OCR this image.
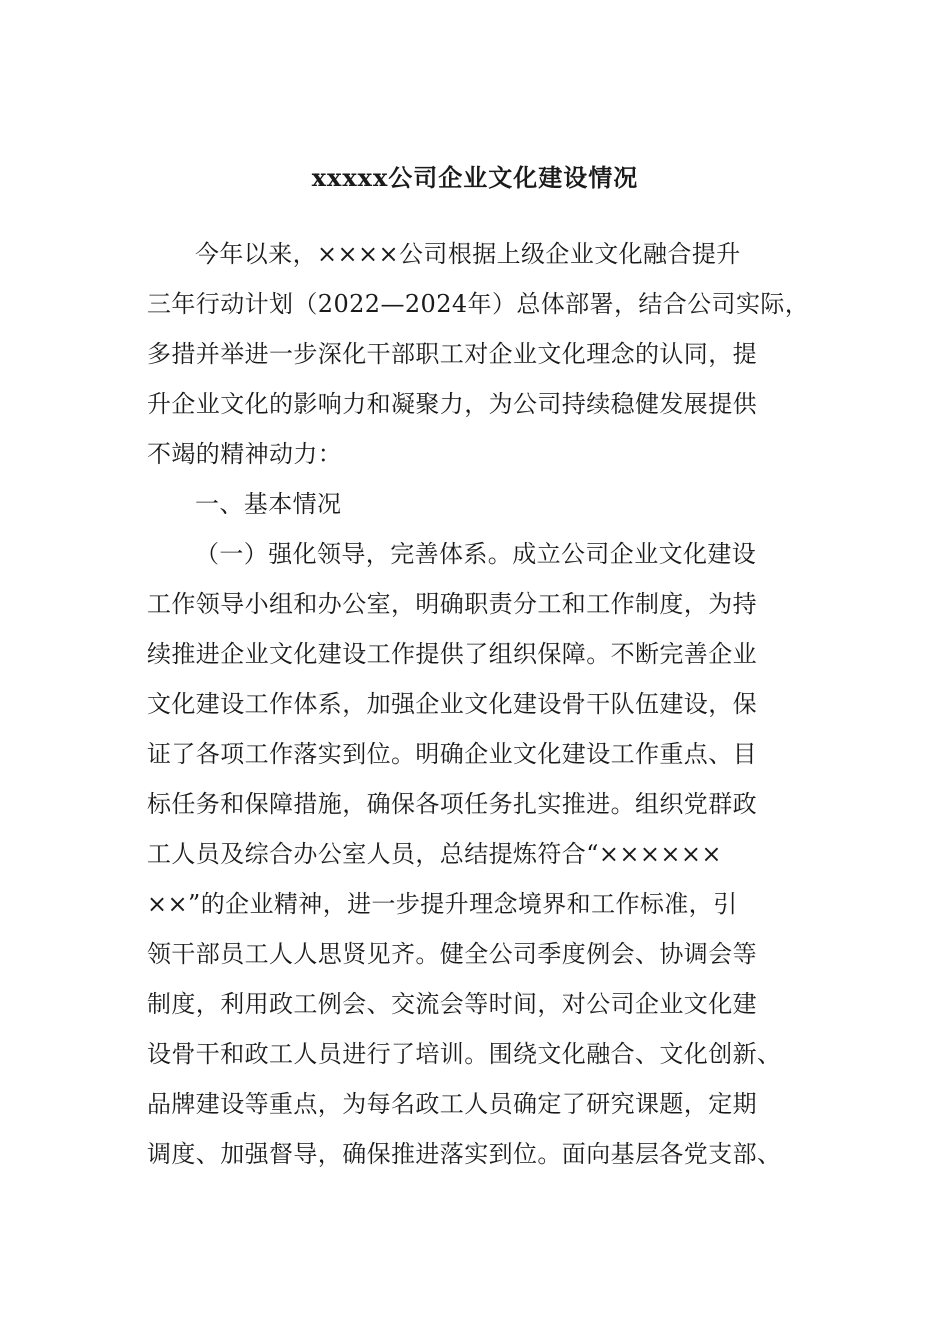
xxxxx公司企业文化建设情况
今年以来，××××公司根据上级企业文化融合提升
三年行动计划（2022—2024年）总体部署，结合公司实际，
多措并举进一步深化干部职工对企业文化理念的认同，提
升企业文化的影响力和凝聚力，为公司持续稳健发展提供
不竭的精神动力：
一、基本情况
（一）强化领导，完善体系。成立公司企业文化建设
工作领导小组和办公室，明确职责分工和工作制度，为持
续推进企业文化建设工作提供了组织保障。不断完善企业
文化建设工作体系，加强企业文化建设骨干队伍建设，保
证了各项工作落实到位。明确企业文化建设工作重点、目
标任务和保障措施，确保各项任务扎实推进。组织党群政
工人员及综合办公室人员，总结提炼符合“××××××
××”的企业精神，进一步提升理念境界和工作标准，引
领干部员工人人思贤见齐。健全公司季度例会、协调会等
制度，利用政工例会、交流会等时间，对公司企业文化建
设骨干和政工人员进行了培训。围绕文化融合、文化创新、
品牌建设等重点，为每名政工人员确定了研究课题，定期
调度、加强督导，确保推进落实到位。面向基层各党支部、
